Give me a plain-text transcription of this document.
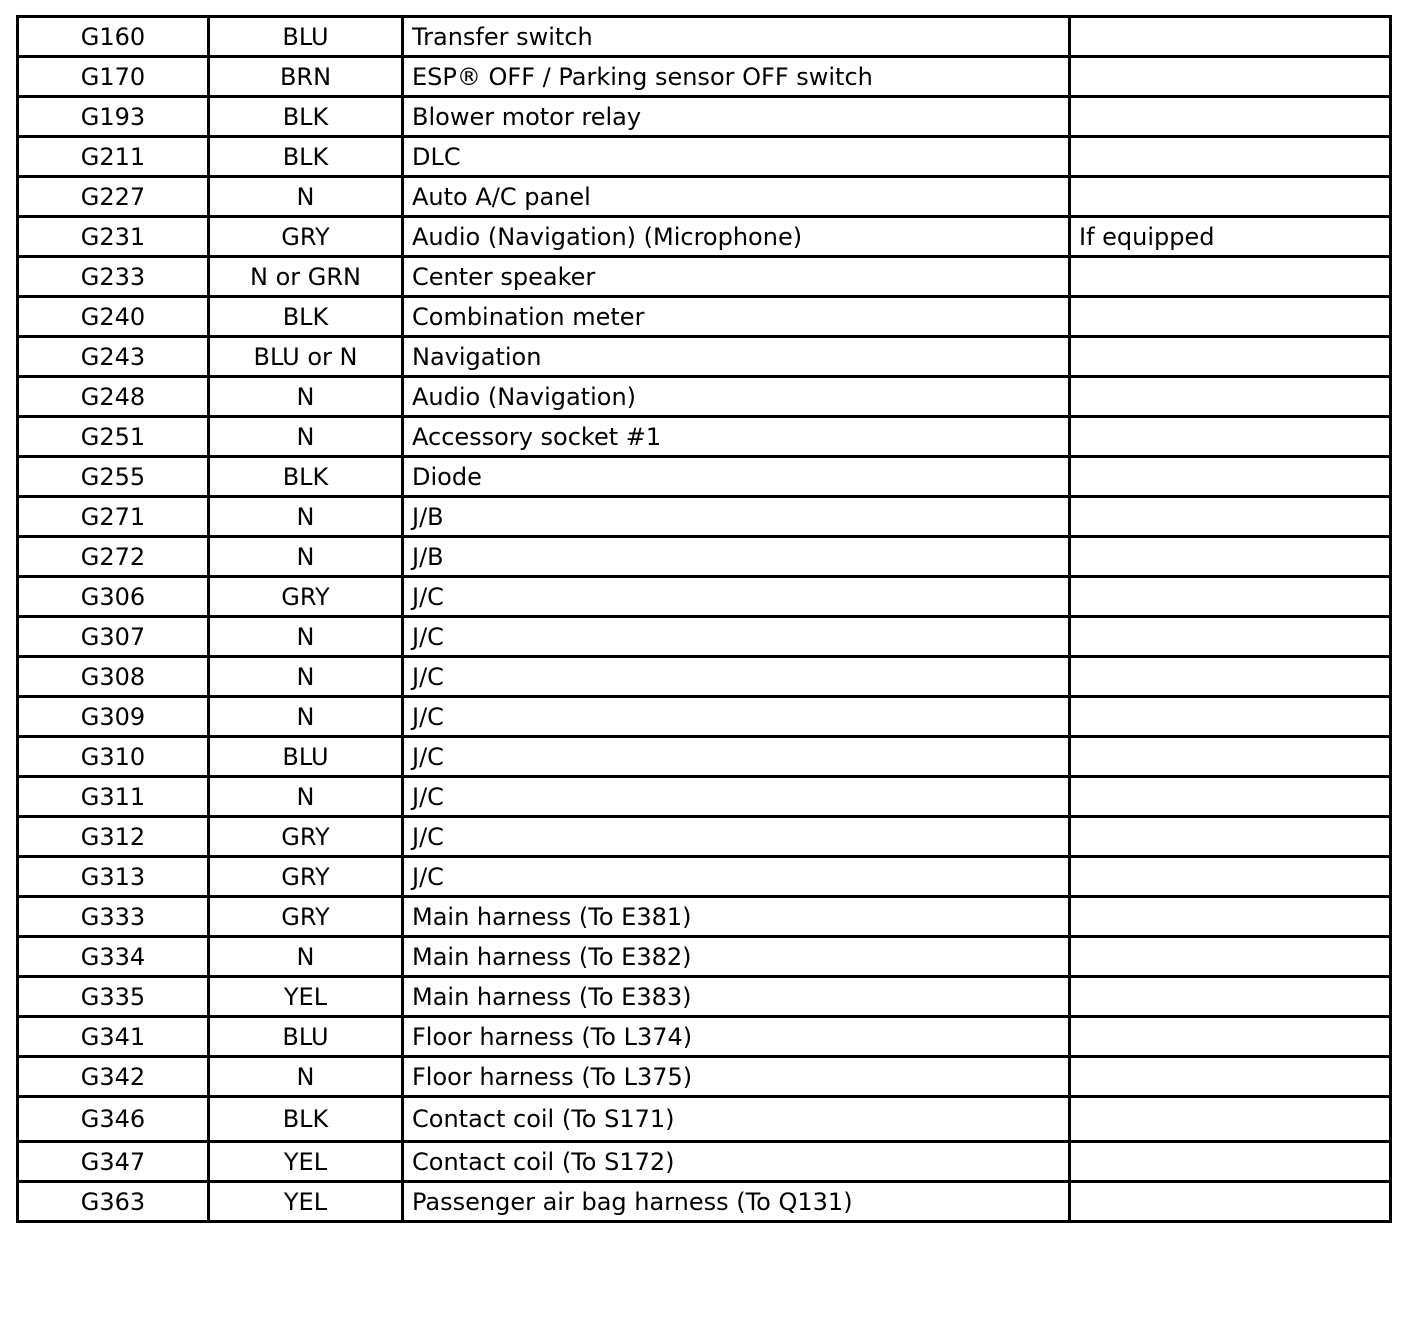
G160	BLU	Transfer switch	
G170	BRN	ESP® OFF / Parking sensor OFF switch	
G193	BLK	Blower motor relay	
G211	BLK	DLC	
G227	N	Auto A/C panel	
G231	GRY	Audio (Navigation) (Microphone)	If equipped
G233	N or GRN	Center speaker	
G240	BLK	Combination meter	
G243	BLU or N	Navigation	
G248	N	Audio (Navigation)	
G251	N	Accessory socket #1	
G255	BLK	Diode	
G271	N	J/B	
G272	N	J/B	
G306	GRY	J/C	
G307	N	J/C	
G308	N	J/C	
G309	N	J/C	
G310	BLU	J/C	
G311	N	J/C	
G312	GRY	J/C	
G313	GRY	J/C	
G333	GRY	Main harness (To E381)	
G334	N	Main harness (To E382)	
G335	YEL	Main harness (To E383)	
G341	BLU	Floor harness (To L374)	
G342	N	Floor harness (To L375)	
G346	BLK	Contact coil (To S171)	
G347	YEL	Contact coil (To S172)	
G363	YEL	Passenger air bag harness (To Q131)	
